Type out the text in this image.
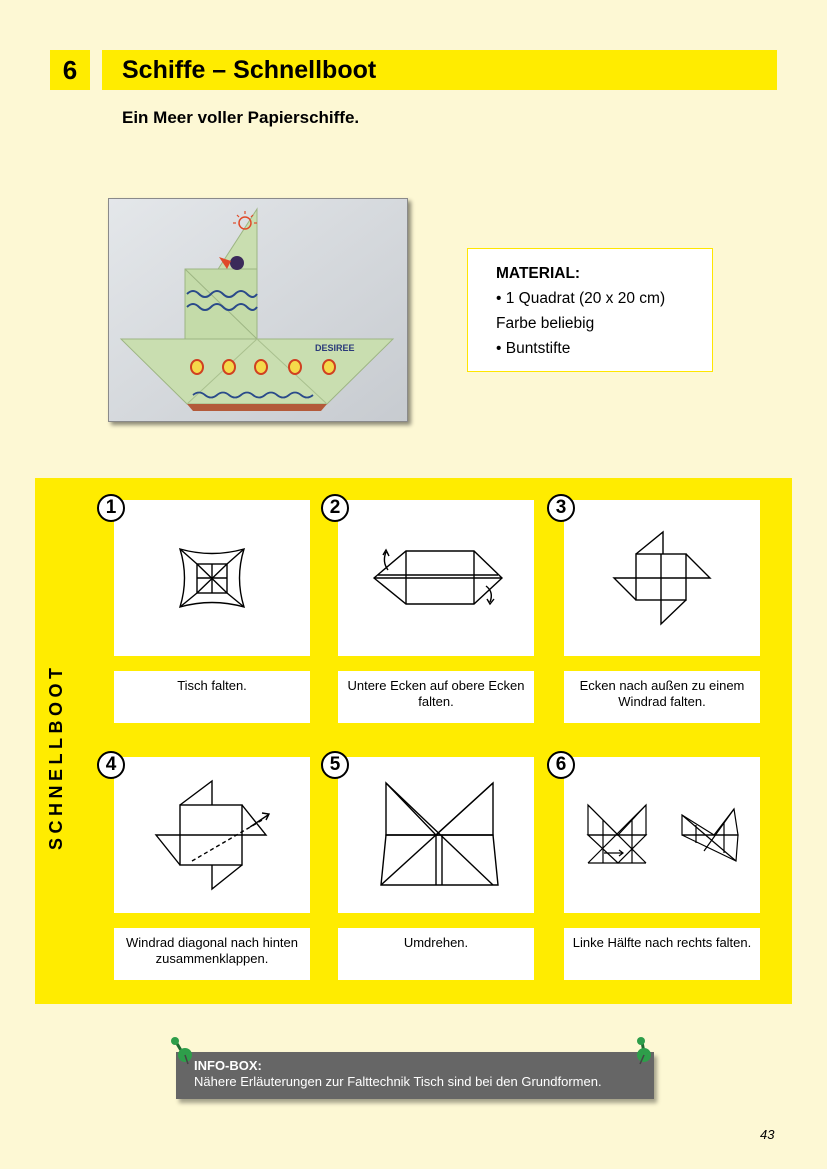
6	Schiffe – Schnellboot
Ein Meer voller Papierschiffe.
DESIREE
MATERIAL:
• 1 Quadrat (20 x 20 cm)
Farbe beliebig
• Buntstifte
SCHNELLBOOT	Tisch falten.	Untere Ecken auf obere Ecken falten.
Ecken nach außen zu einem Windrad falten.
Windrad diagonal nach hinten zusammenklappen.
Umdrehen.	Linke Hälfte nach rechts falten.
1	2	3
4	5	6
INFO-BOX:
Nähere Erläuterungen zur Falttechnik Tisch sind bei den Grundformen.
43
